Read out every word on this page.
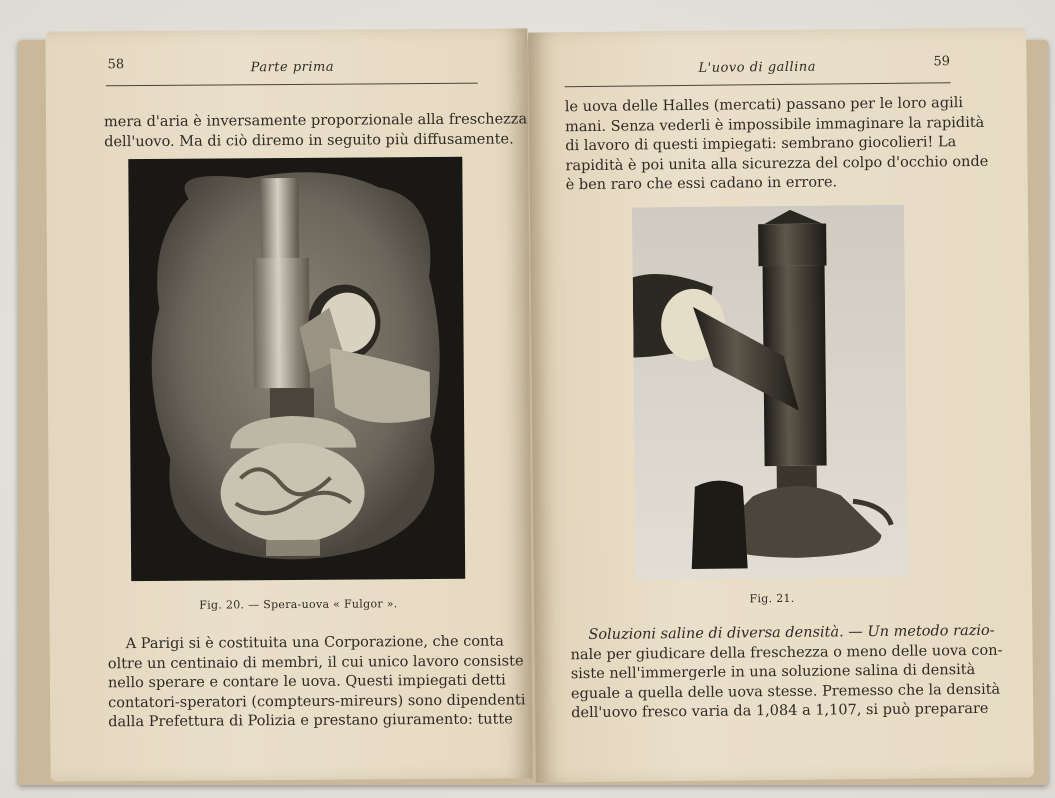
58	Parte prima
mera d'aria è inversamente proporzionale alla freschezza
dell'uovo. Ma di ciò diremo in seguito più diffusamente.
Fig. 20. — Spera-uova « Fulgor ».
A Parigi si è costituita una Corporazione, che conta
oltre un centinaio di membri, il cui unico lavoro consiste
nello sperare e contare le uova. Questi impiegati detti
contatori-speratori (compteurs-mireurs) sono dipendenti
dalla Prefettura di Polizia e prestano giuramento: tutte
L'uovo di gallina	59
le uova delle Halles (mercati) passano per le loro agili
mani. Senza vederli è impossibile immaginare la rapidità
di lavoro di questi impiegati: sembrano giocolieri! La
rapidità è poi unita alla sicurezza del colpo d'occhio onde
è ben raro che essi cadano in errore.
Fig. 21.
Soluzioni saline di diversa densità. — Un metodo razio-
nale per giudicare della freschezza o meno delle uova con-
siste nell'immergerle in una soluzione salina di densità
eguale a quella delle uova stesse. Premesso che la densità
dell'uovo fresco varia da 1,084 a 1,107, si può preparare
